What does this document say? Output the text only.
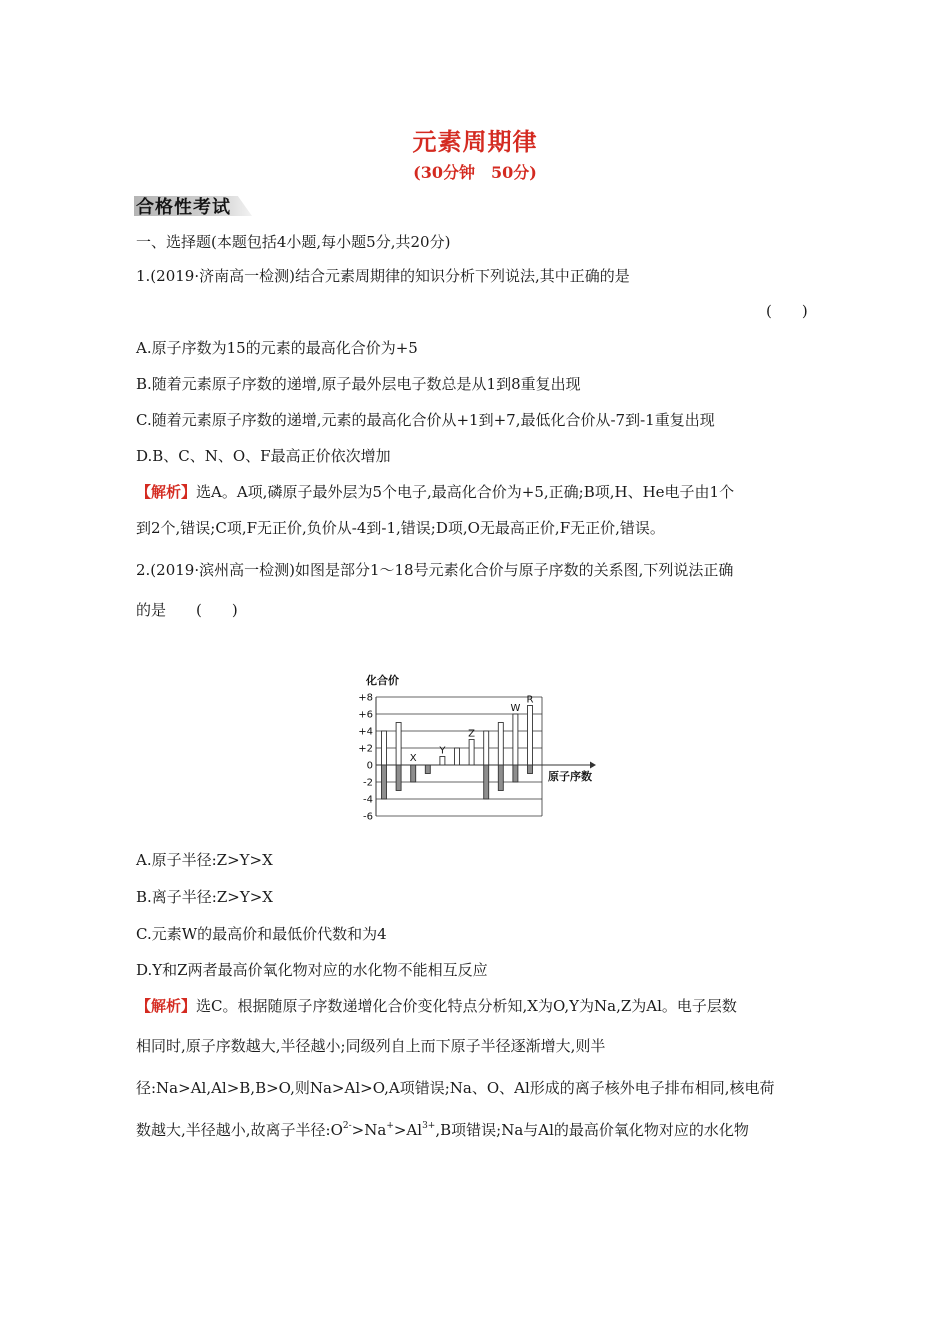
元素周期律
(30分钟　50分)
合格性考试
一、选择题(本题包括4小题,每小题5分,共20分)
1.(2019·济南高一检测)结合元素周期律的知识分析下列说法,其中正确的是
(　　)
A.原子序数为15的元素的最高化合价为+5
B.随着元素原子序数的递增,原子最外层电子数总是从1到8重复出现
C.随着元素原子序数的递增,元素的最高化合价从+1到+7,最低化合价从-7到-1重复出现
D.B、C、N、O、F最高正价依次增加
【解析】选A。A项,磷原子最外层为5个电子,最高化合价为+5,正确;B项,H、He电子由1个
到2个,错误;C项,F无正价,负价从-4到-1,错误;D项,O无最高正价,F无正价,错误。
2.(2019·滨州高一检测)如图是部分1～18号元素化合价与原子序数的关系图,下列说法正确
的是　　(　　)
化合价
+8
+6
+4
+2
0
-2
-4
-6
原子序数
X
Y
Z
W
R
A.原子半径:Z>Y>X
B.离子半径:Z>Y>X
C.元素W的最高价和最低价代数和为4
D.Y和Z两者最高价氧化物对应的水化物不能相互反应
【解析】选C。根据随原子序数递增化合价变化特点分析知,X为O,Y为Na,Z为Al。电子层数
相同时,原子序数越大,半径越小;同级列自上而下原子半径逐渐增大,则半
径:Na>Al,Al>B,B>O,则Na>Al>O,A项错误;Na、O、Al形成的离子核外电子排布相同,核电荷
数越大,半径越小,故离子半径$:O^{2-}>Na^+>Al^{3+},B$项错误;Na与Al的最高价氧化物对应的水化物
